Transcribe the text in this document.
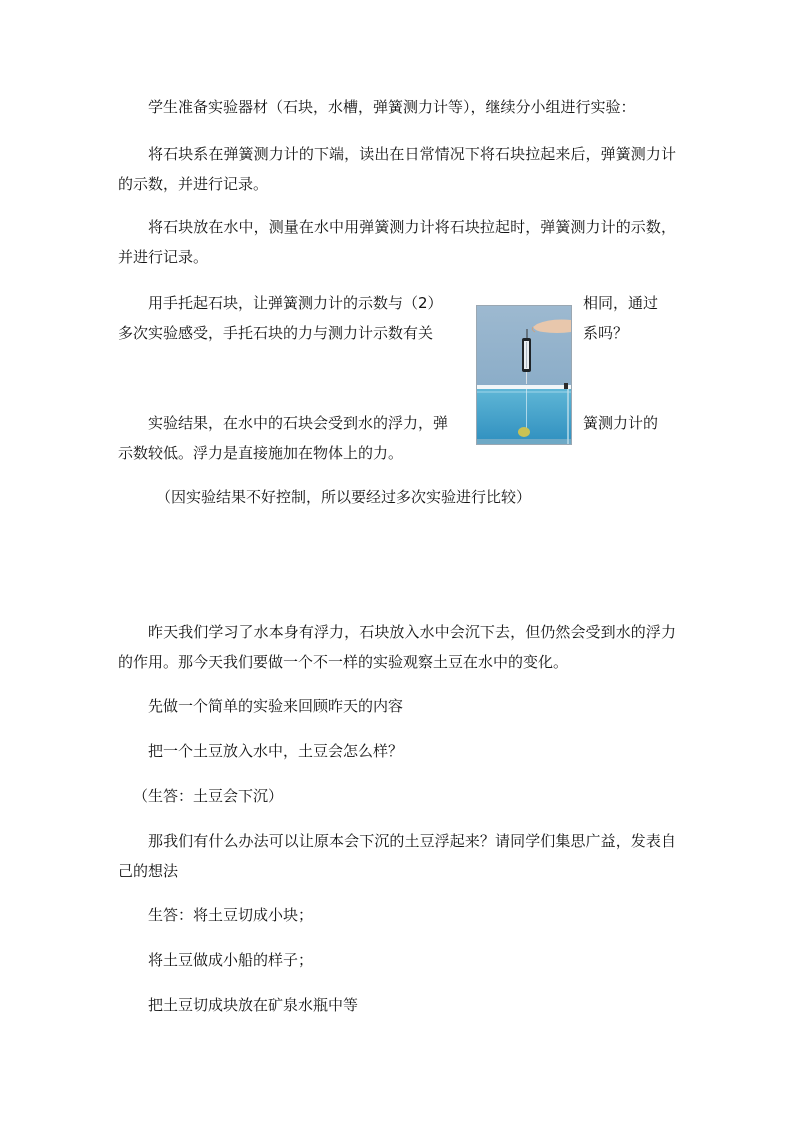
学生准备实验器材（石块，水槽，弹簧测力计等），继续分小组进行实验：

将石块系在弹簧测力计的下端，读出在日常情况下将石块拉起来后，弹簧测力计的示数，并进行记录。

将石块放在水中，测量在水中用弹簧测力计将石块拉起时，弹簧测力计的示数，并进行记录。

用手托起石块，让弹簧测力计的示数与（2）	相同，通过

多次实验感受，手托石块的力与测力计示数有关	系吗？

实验结果，在水中的石块会受到水的浮力，弹	簧测力计的

示数较低。浮力是直接施加在物体上的力。

（因实验结果不好控制，所以要经过多次实验进行比较）

昨天我们学习了水本身有浮力，石块放入水中会沉下去，但仍然会受到水的浮力的作用。那今天我们要做一个不一样的实验观察土豆在水中的变化。

先做一个简单的实验来回顾昨天的内容

把一个土豆放入水中，土豆会怎么样？

（生答：土豆会下沉）

那我们有什么办法可以让原本会下沉的土豆浮起来？请同学们集思广益，发表自己的想法

生答：将土豆切成小块；

将土豆做成小船的样子；

把土豆切成块放在矿泉水瓶中等
